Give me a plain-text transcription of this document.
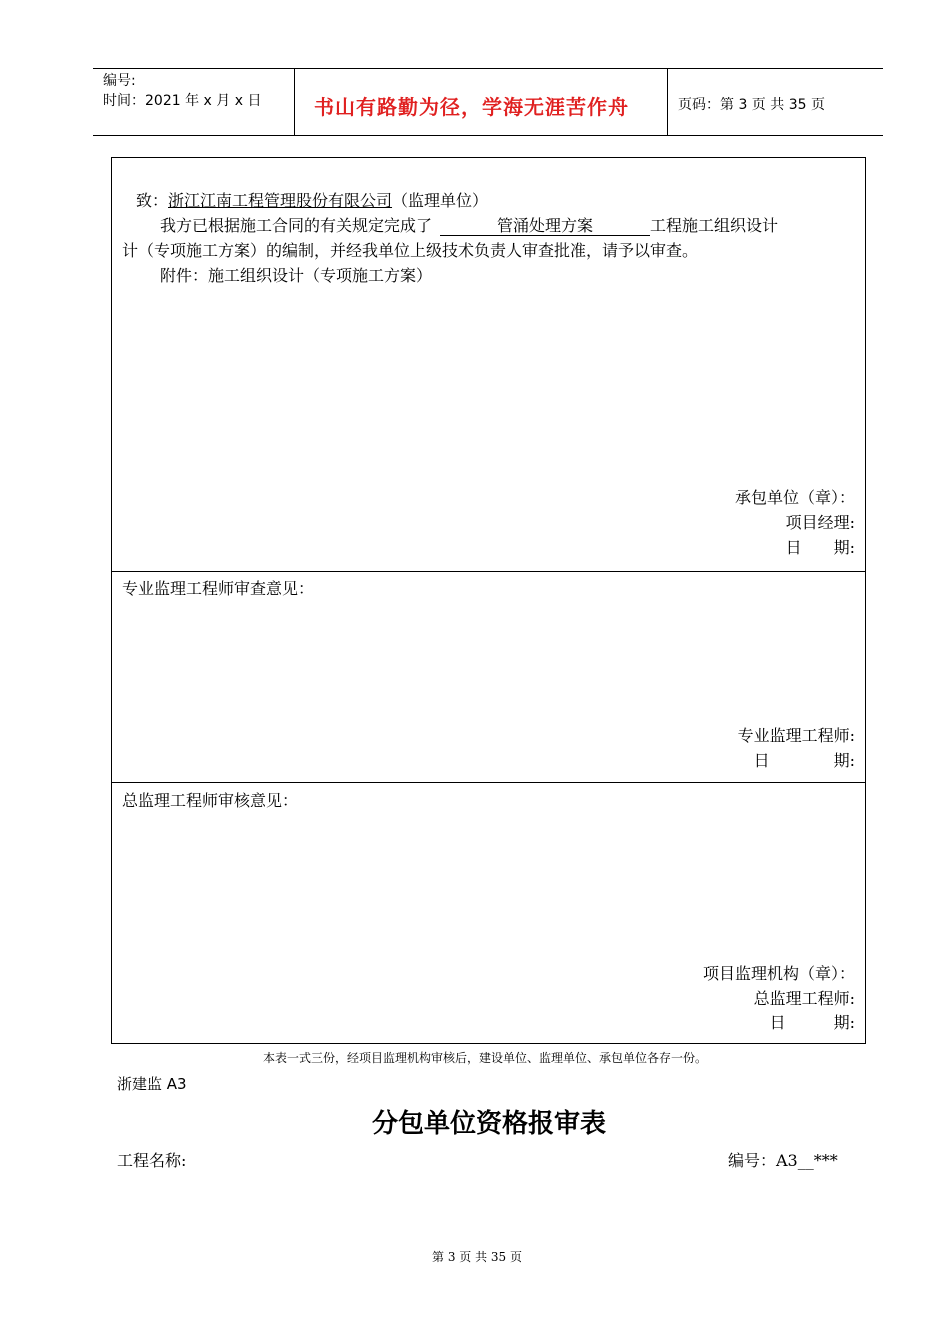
编号:
时间：2021 年 x 月 x 日	书山有路勤为径，学海无涯苦作舟	页码：第 3 页 共 35 页
致：浙江江南工程管理股份有限公司（监理单位）
我方已根据施工合同的有关规定完成了	管涌处理方案	工程施工组织设计
计（专项施工方案）的编制，并经我单位上级技术负责人审查批准，请予以审查。
附件：施工组织设计（专项施工方案）
承包单位（章）：
项目经理:
日　　期:
专业监理工程师审查意见：
专业监理工程师:
日　　　　期:
总监理工程师审核意见：
项目监理机构（章）：
总监理工程师:
日　　　期:
本表一式三份，经项目监理机构审核后，建设单位、监理单位、承包单位各存一份。
浙建监 A3
分包单位资格报审表
工程名称:	编号：A3__***
第 3 页 共 35 页
